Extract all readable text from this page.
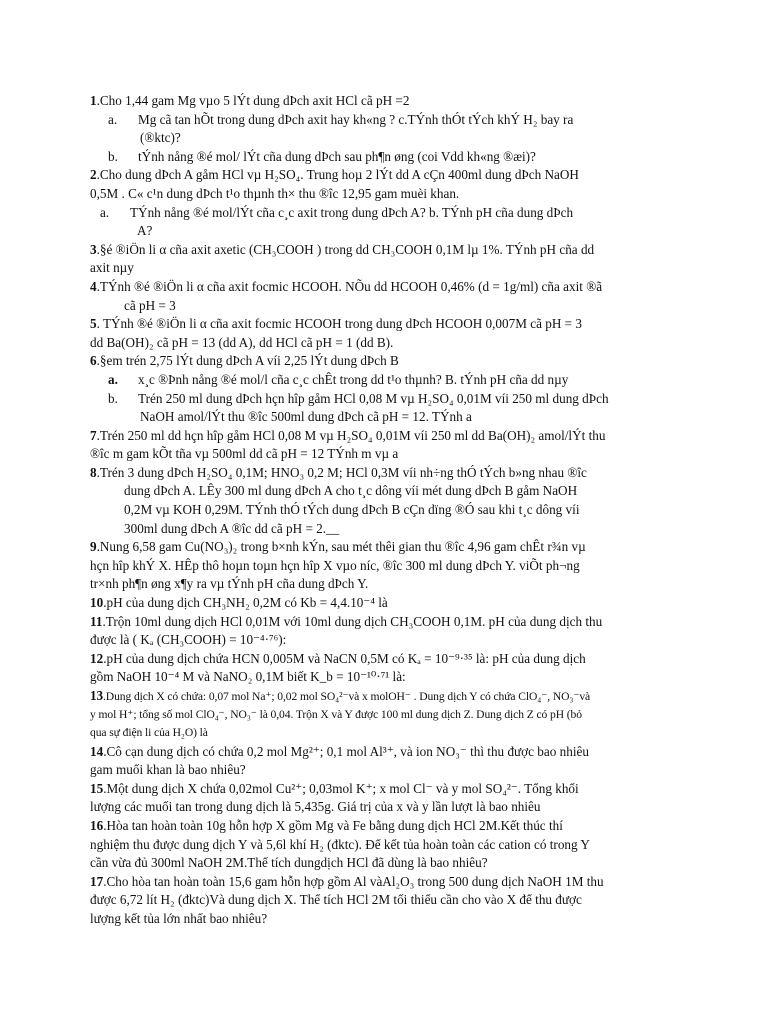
1.Cho 1,44 gam Mg vµo 5 lÝt dung dÞch axit HCl cã pH =2

a. Mg cã tan hÕt trong dung dÞch axit hay kh«ng ? c.TÝnh thÓt tÝch khÝ H₂ bay ra

(®ktc)?

b. tÝnh nång ®é mol/ lÝt cña dung dÞch sau ph¶n øng (coi Vdd kh«ng ®æi)?

2.Cho dung dÞch A gåm HCl vµ H₂SO₄. Trung hoµ 2 lÝt dd A cÇn 400ml dung dÞch NaOH

0,5M . C« c¹n dung dÞch t¹o thµnh th× thu ®îc 12,95 gam muèi khan.

a. TÝnh nång ®é mol/lÝt cña c¸c axit trong dung dÞch A? b. TÝnh pH cña dung dÞch

A?

3.§é ®iÖn li α cña axit axetic (CH₃COOH ) trong dd CH₃COOH 0,1M lµ 1%. TÝnh pH cña dd

axit nµy

4.TÝnh ®é ®iÖn li α cña axit focmic HCOOH. NÕu dd HCOOH 0,46% (d = 1g/ml) cña axit ®ã

cã pH = 3

5. TÝnh ®é ®iÖn li α cña axit focmic HCOOH trong dung dÞch HCOOH 0,007M cã pH = 3

dd Ba(OH)₂ cã pH = 13 (dd A), dd HCl cã pH = 1 (dd B).

6.§em trén 2,75 lÝt dung dÞch A víi 2,25 lÝt dung dÞch B

a. x¸c ®Þnh nång ®é mol/l cña c¸c chÊt trong dd t¹o thµnh? B. tÝnh pH cña dd nµy

b. Trén 250 ml dung dÞch hçn hîp gåm HCl 0,08 M vµ H₂SO₄ 0,01M víi 250 ml dung dÞch

NaOH amol/lÝt thu ®îc 500ml dung dÞch cã pH = 12. TÝnh a

7.Trén 250 ml dd hçn hîp gåm HCl 0,08 M vµ H₂SO₄ 0,01M víi 250 ml dd Ba(OH)₂ amol/lÝt thu

®îc m gam kÕt tña vµ 500ml dd cã pH = 12 TÝnh m vµ a

8.Trén 3 dung dÞch H₂SO₄ 0,1M; HNO₃ 0,2 M; HCl 0,3M víi nh÷ng thÓ tÝch b»ng nhau ®îc

dung dÞch A. LÊy 300 ml dung dÞch A cho t¸c dông víi mét dung dÞch B gåm NaOH

0,2M vµ KOH 0,29M. TÝnh thÓ tÝch dung dÞch B cÇn dïng ®Ó sau khi t¸c dông víi

300ml dung dÞch A ®îc dd cã pH = 2.__

9.Nung 6,58 gam Cu(NO₃)₂ trong b×nh kÝn, sau mét thêi gian thu ®îc 4,96 gam chÊt r¾n vµ

hçn hîp khÝ X. HÊp thô hoµn toµn hçn hîp X vµo níc, ®îc 300 ml dung dÞch Y. viÕt ph¬ng

tr×nh ph¶n øng x¶y ra vµ tÝnh pH cña dung dÞch Y.

10.pH của dung dịch CH₃NH₂ 0,2M có Kb = 4,4.10⁻⁴ là

11.Trộn 10ml dung dịch HCl 0,01M với 10ml dung dịch CH₃COOH 0,1M. pH của dung dịch thu

được là ( Kₐ (CH₃COOH) = 10⁻⁴·⁷⁶):

12.pH của dung dịch chứa HCN 0,005M và NaCN 0,5M có Kₐ = 10⁻⁹·³⁵ là: pH của dung dịch

gồm NaOH 10⁻⁴ M và NaNO₂ 0,1M biết K_b = 10⁻¹⁰·⁷¹ là:

13.Dung dịch X có chứa: 0,07 mol Na⁺; 0,02 mol SO₄²⁻và x molOH⁻ . Dung dịch Y có chứa ClO₄⁻, NO₃⁻và

y mol H⁺; tổng số mol ClO₄⁻, NO₃⁻ là 0,04. Trộn X và Y được 100 ml dung dịch Z. Dung dịch Z có pH (bỏ

qua sự điện li của H₂O) là

14.Cô cạn dung dịch có chứa 0,2 mol Mg²⁺; 0,1 mol Al³⁺, và ion NO₃⁻ thì thu được bao nhiêu

gam muối khan là bao nhiêu?

15.Một dung dịch X chứa 0,02mol Cu²⁺; 0,03mol K⁺; x mol Cl⁻ và y mol SO₄²⁻. Tổng khối

lượng các muối tan trong dung dịch là 5,435g. Giá trị của x và y lần lượt là bao nhiêu

16.Hòa tan hoàn toàn 10g hỗn hợp X gồm Mg và Fe bằng dung dịch HCl 2M.Kết thúc thí

nghiệm thu được dung dịch Y và 5,6l khí H₂ (đktc). Để kết tủa hoàn toàn các cation có trong Y

cần vừa đủ 300ml NaOH 2M.Thể tích dungdịch HCl đã dùng là bao nhiêu?

17.Cho hòa tan hoàn toàn 15,6 gam hỗn hợp gồm Al vàAl₂O₃ trong 500 dung dịch NaOH 1M thu

được 6,72 lít H₂ (đktc)Và dung dịch X. Thể tích HCl 2M tối thiểu cần cho vào X để thu được

lượng kết tủa lớn nhất bao nhiêu?
